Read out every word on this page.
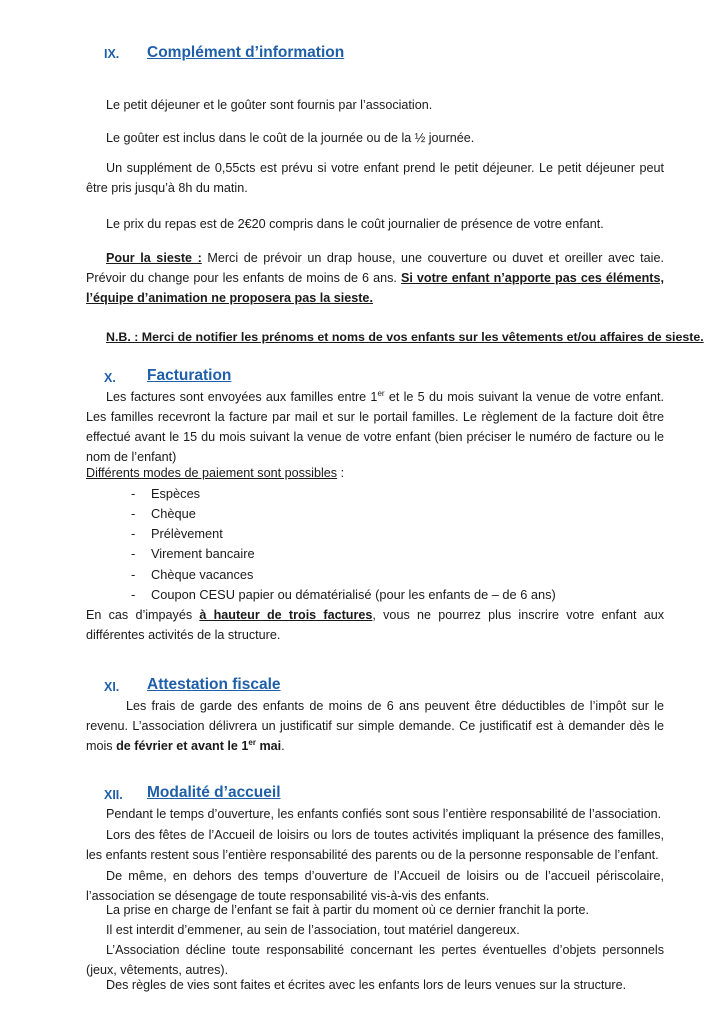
IX. Complément d’information
Le petit déjeuner et le goûter sont fournis par l’association.
Le goûter est inclus dans le coût de la journée ou de la ½ journée.
Un supplément de 0,55cts est prévu si votre enfant prend le petit déjeuner. Le petit déjeuner peut être pris jusqu’à 8h du matin.
Le prix du repas est de 2€20 compris dans le coût journalier de présence de votre enfant.
Pour la sieste : Merci de prévoir un drap house, une couverture ou duvet et oreiller avec taie. Prévoir du change pour les enfants de moins de 6 ans. Si votre enfant n’apporte pas ces éléments, l’équipe d’animation ne proposera pas la sieste.
N.B. : Merci de notifier les prénoms et noms de vos enfants sur les vêtements et/ou affaires de sieste.
X. Facturation
Les factures sont envoyées aux familles entre 1er et le 5 du mois suivant la venue de votre enfant. Les familles recevront la facture par mail et sur le portail familles. Le règlement de la facture doit être effectué avant le 15 du mois suivant la venue de votre enfant (bien préciser le numéro de facture ou le nom de l’enfant)
Différents modes de paiement sont possibles :
- Espèces
- Chèque
- Prélèvement
- Virement bancaire
- Chèque vacances
- Coupon CESU papier ou dématérialisé (pour les enfants de – de 6 ans)
En cas d’impayés à hauteur de trois factures, vous ne pourrez plus inscrire votre enfant aux différentes activités de la structure.
XI. Attestation fiscale
Les frais de garde des enfants de moins de 6 ans peuvent être déductibles de l’impôt sur le revenu. L’association délivrera un justificatif sur simple demande. Ce justificatif est à demander dès le mois de février et avant le 1er mai.
XII. Modalité d’accueil
Pendant le temps d’ouverture, les enfants confiés sont sous l’entière responsabilité de l’association.
Lors des fêtes de l’Accueil de loisirs ou lors de toutes activités impliquant la présence des familles, les enfants restent sous l’entière responsabilité des parents ou de la personne responsable de l’enfant.
De même, en dehors des temps d’ouverture de l’Accueil de loisirs ou de l’accueil périscolaire, l’association se désengage de toute responsabilité vis-à-vis des enfants.
La prise en charge de l’enfant se fait à partir du moment où ce dernier franchit la porte.
Il est interdit d’emmener, au sein de l’association, tout matériel dangereux.
L’Association décline toute responsabilité concernant les pertes éventuelles d’objets personnels (jeux, vêtements, autres).
Des règles de vies sont faites et écrites avec les enfants lors de leurs venues sur la structure.
